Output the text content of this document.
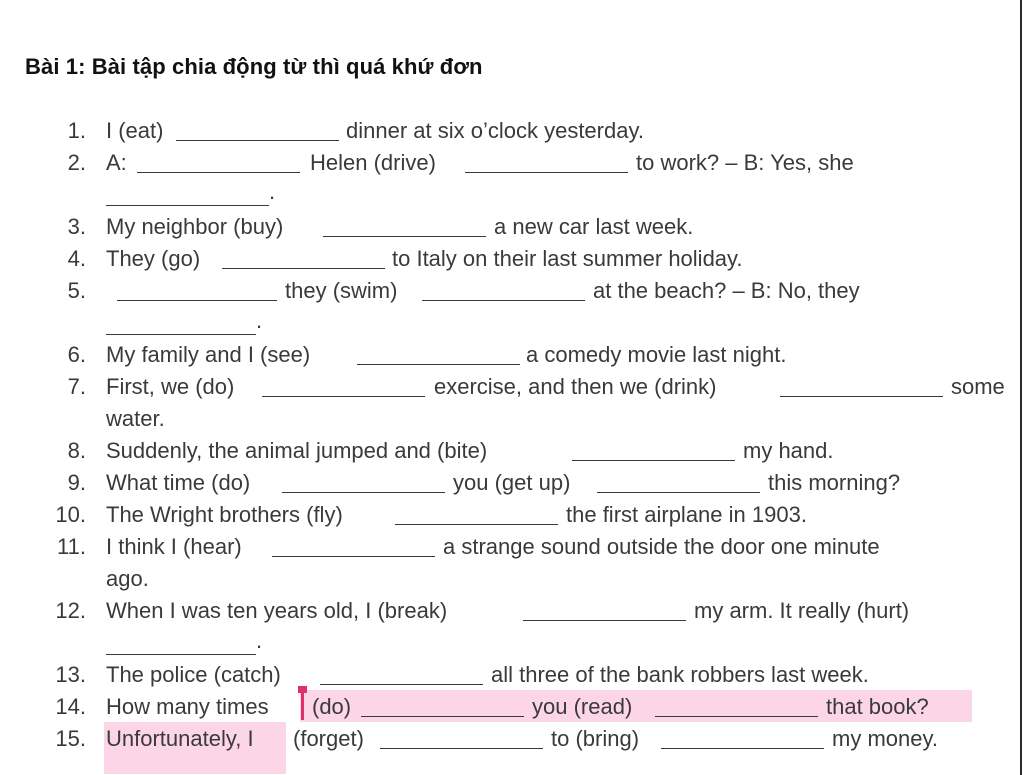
Bài 1: Bài tập chia động từ thì quá khứ đơn
1. I (eat)	dinner at six o’clock yesterday.
2. A:	Helen (drive)	to work? – B: Yes, she
.
3. My neighbor (buy)	a new car last week.
4. They (go)	to Italy on their last summer holiday.
5.	they (swim)	at the beach? – B: No, they
.
6. My family and I (see)	a comedy movie last night.
7. First, we (do)	exercise, and then we (drink)	some
water.
8. Suddenly, the animal jumped and (bite)	my hand.
9. What time (do)	you (get up)	this morning?
10. The Wright brothers (fly)	the first airplane in 1903.
11. I think I (hear)	a strange sound outside the door one minute
ago.
12. When I was ten years old, I (break)	my arm. It really (hurt)
.
13. The police (catch)	all three of the bank robbers last week.
14. How many times (do)	you (read)	that book?
15. Unfortunately, I (forget)	to (bring)	my money.
